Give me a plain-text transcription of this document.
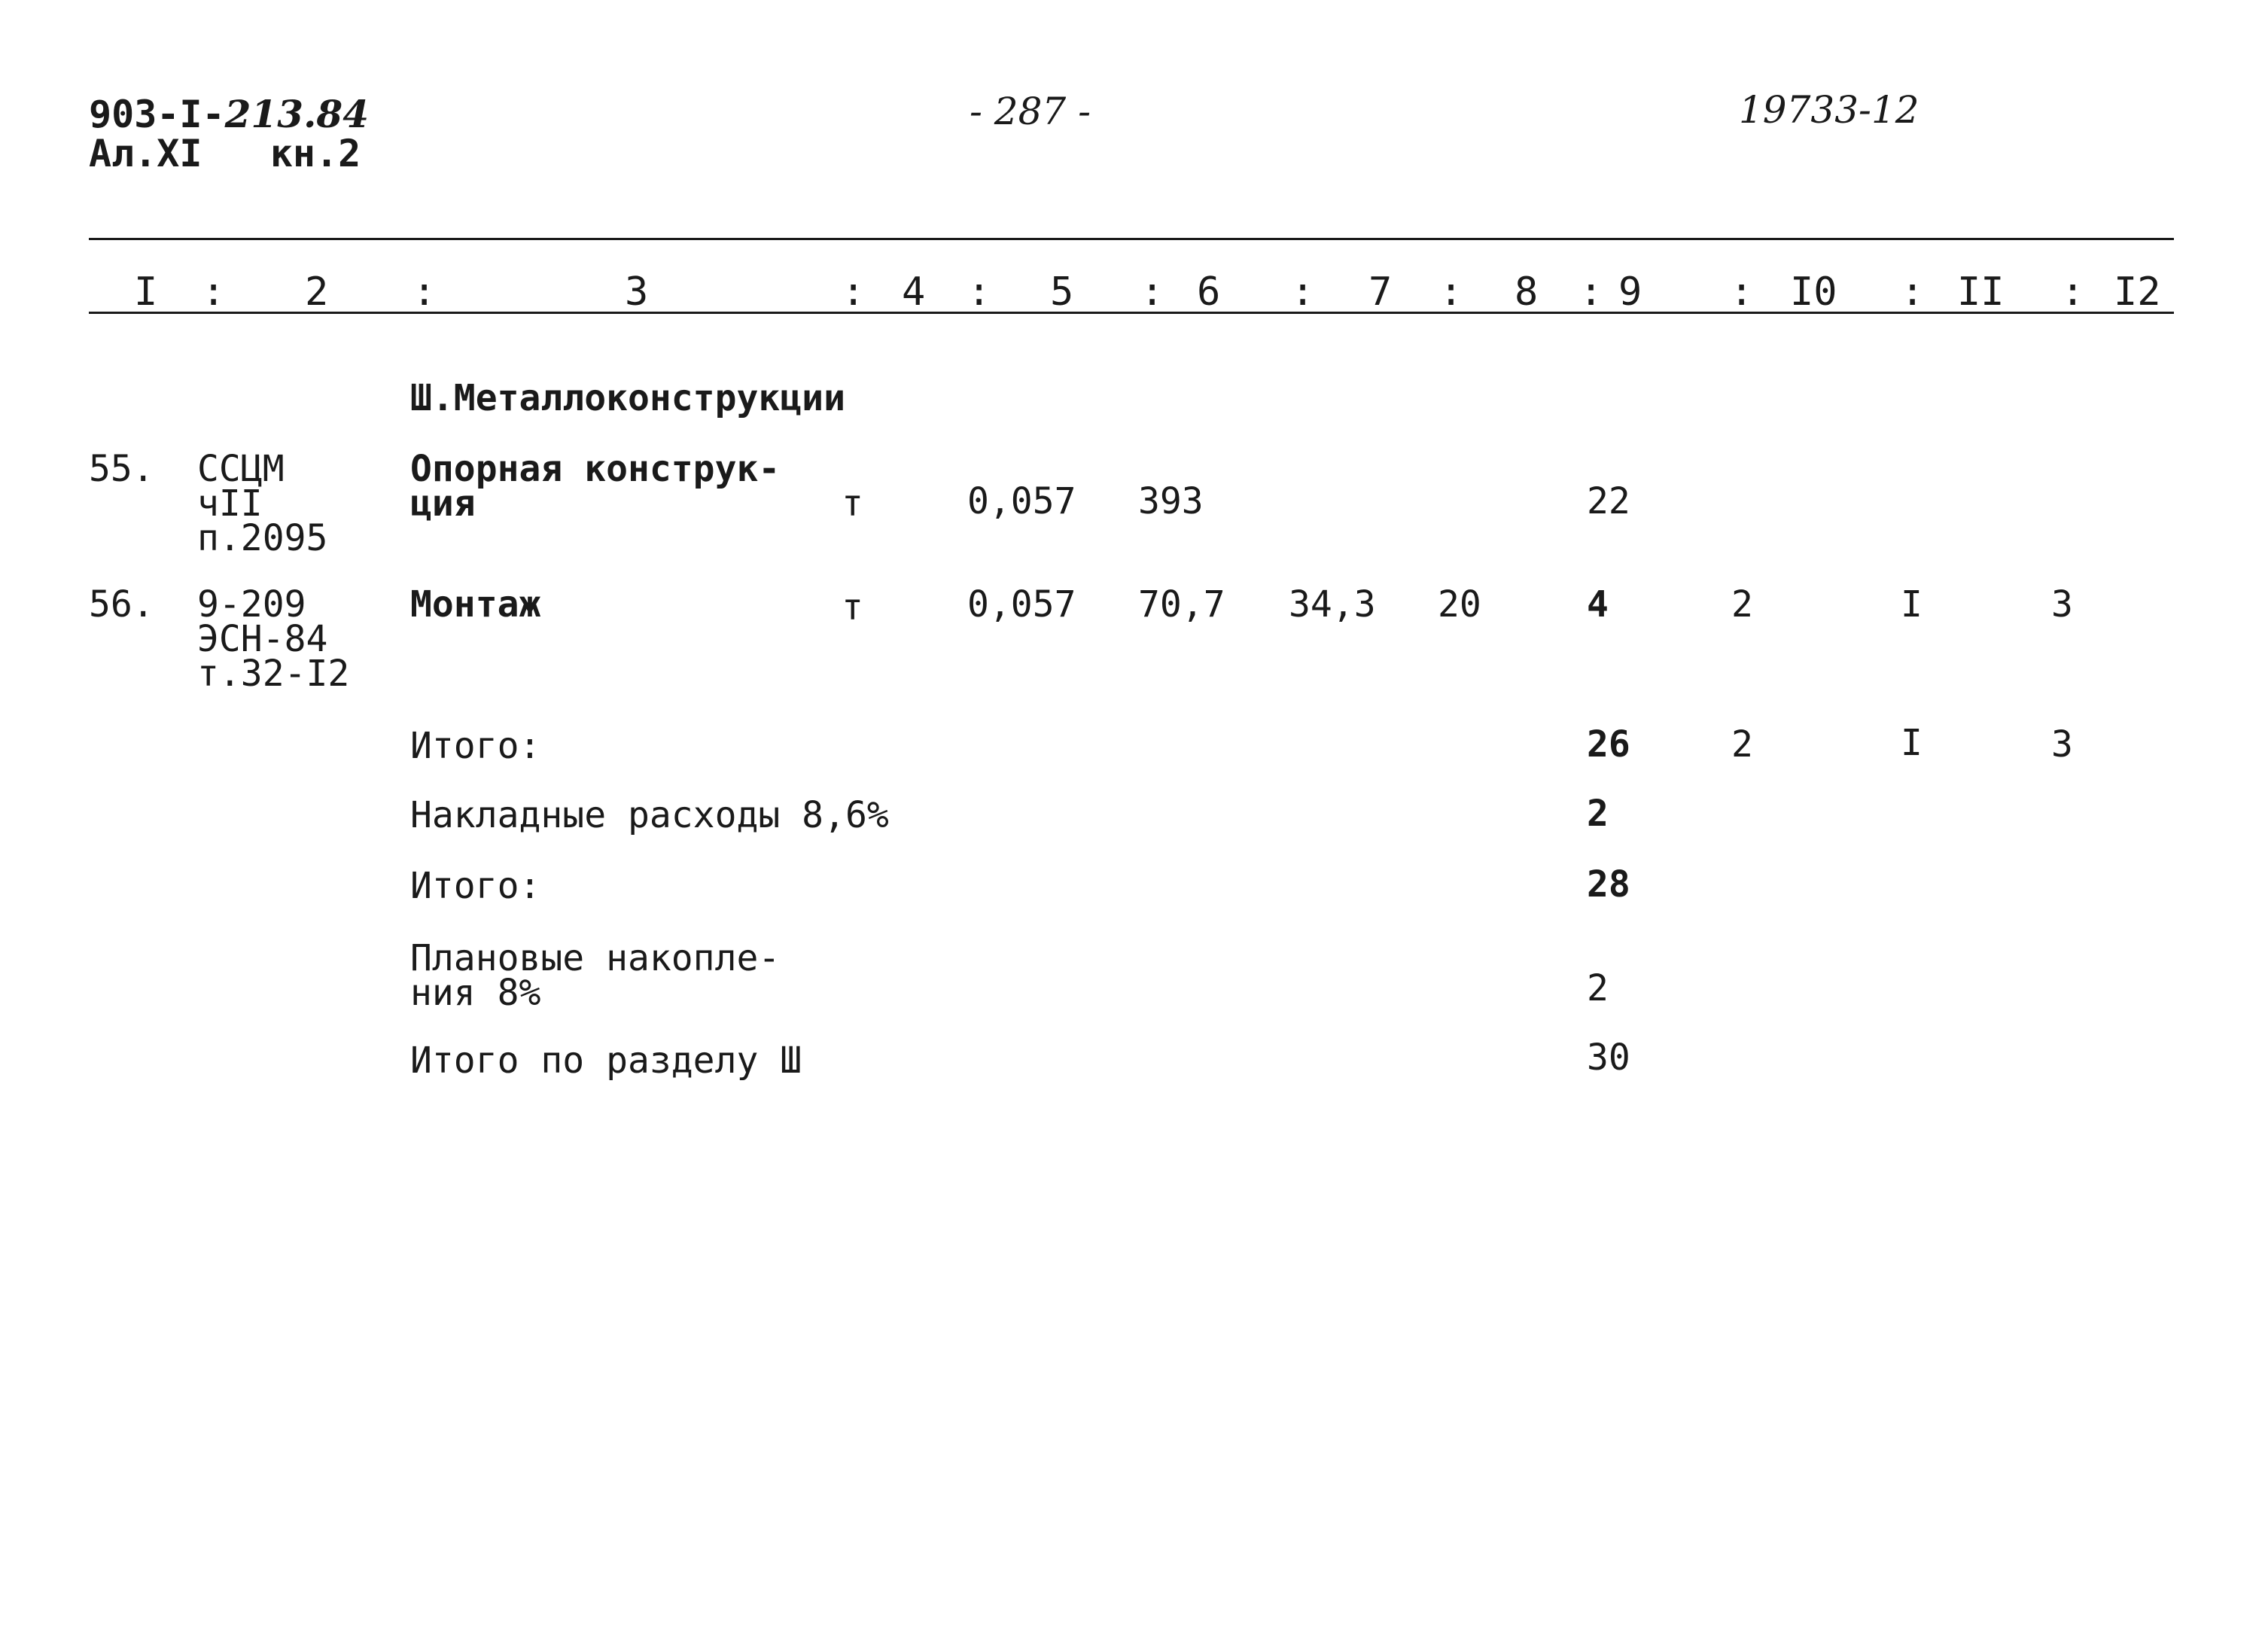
903-I-213.84
Ал.XI   кн.2
- 287 -	19733-12
I : 2 :	3	: 4 : 5 : 6 : 7 : 8 : 9 : I0 : II : I2
Ш.Металлоконструкции
55. ССЦМ
чII
п.2095
Опорная конструк-
ция	т	0,057 393	22
56. 9-209
ЭСН-84
т.32-I2
Монтаж	т	0,057 70,7 34,3 20	4	2	I	3
Итого:	26	2	I	3
Накладные расходы 8,6%	2
Итого:	28
Плановые накопле-
ния 8%	2
Итого по разделу Ш	30
